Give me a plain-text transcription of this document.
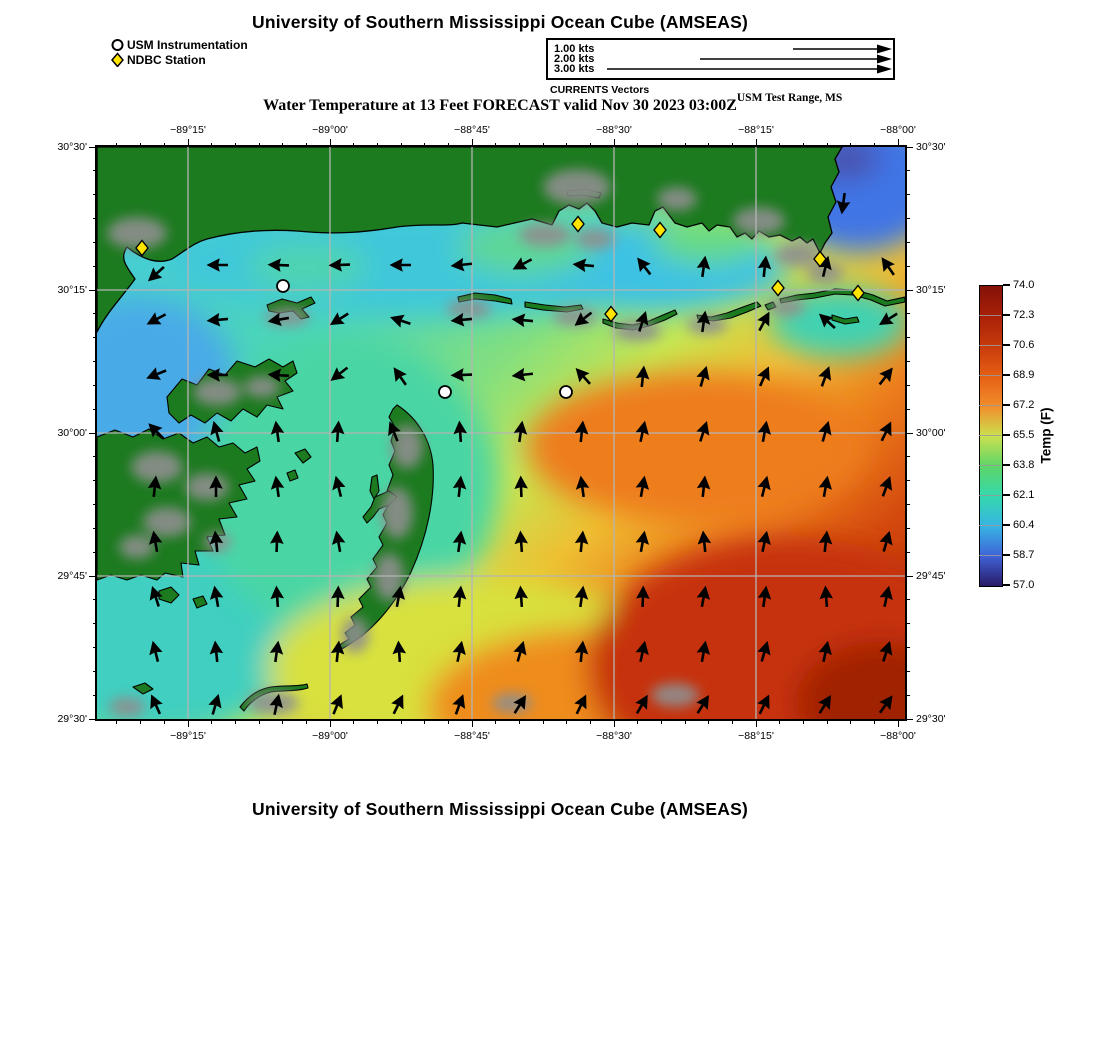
University of Southern Mississippi Ocean Cube (AMSEAS)
USM Instrumentation
NDBC Station
1.00 kts
2.00 kts
3.00 kts
CURRENTS Vectors
Water Temperature at 13 Feet FORECAST valid Nov 30 2023 03:00Z USM Test Range, MS
−89°15'
−89°15'
−89°00'
−89°00'
−88°45'
−88°45'
−88°30'
−88°30'
−88°15'
−88°15'
−88°00'
−88°00'
30°30'	30°30'
30°15'	30°15'
30°00'	30°00'
29°45'	29°45'
29°30'	29°30'
74.0
72.3
70.6
68.9
67.2
65.5
63.8
62.1
60.4
58.7
57.0
Temp (F)
University of Southern Mississippi Ocean Cube (AMSEAS)
